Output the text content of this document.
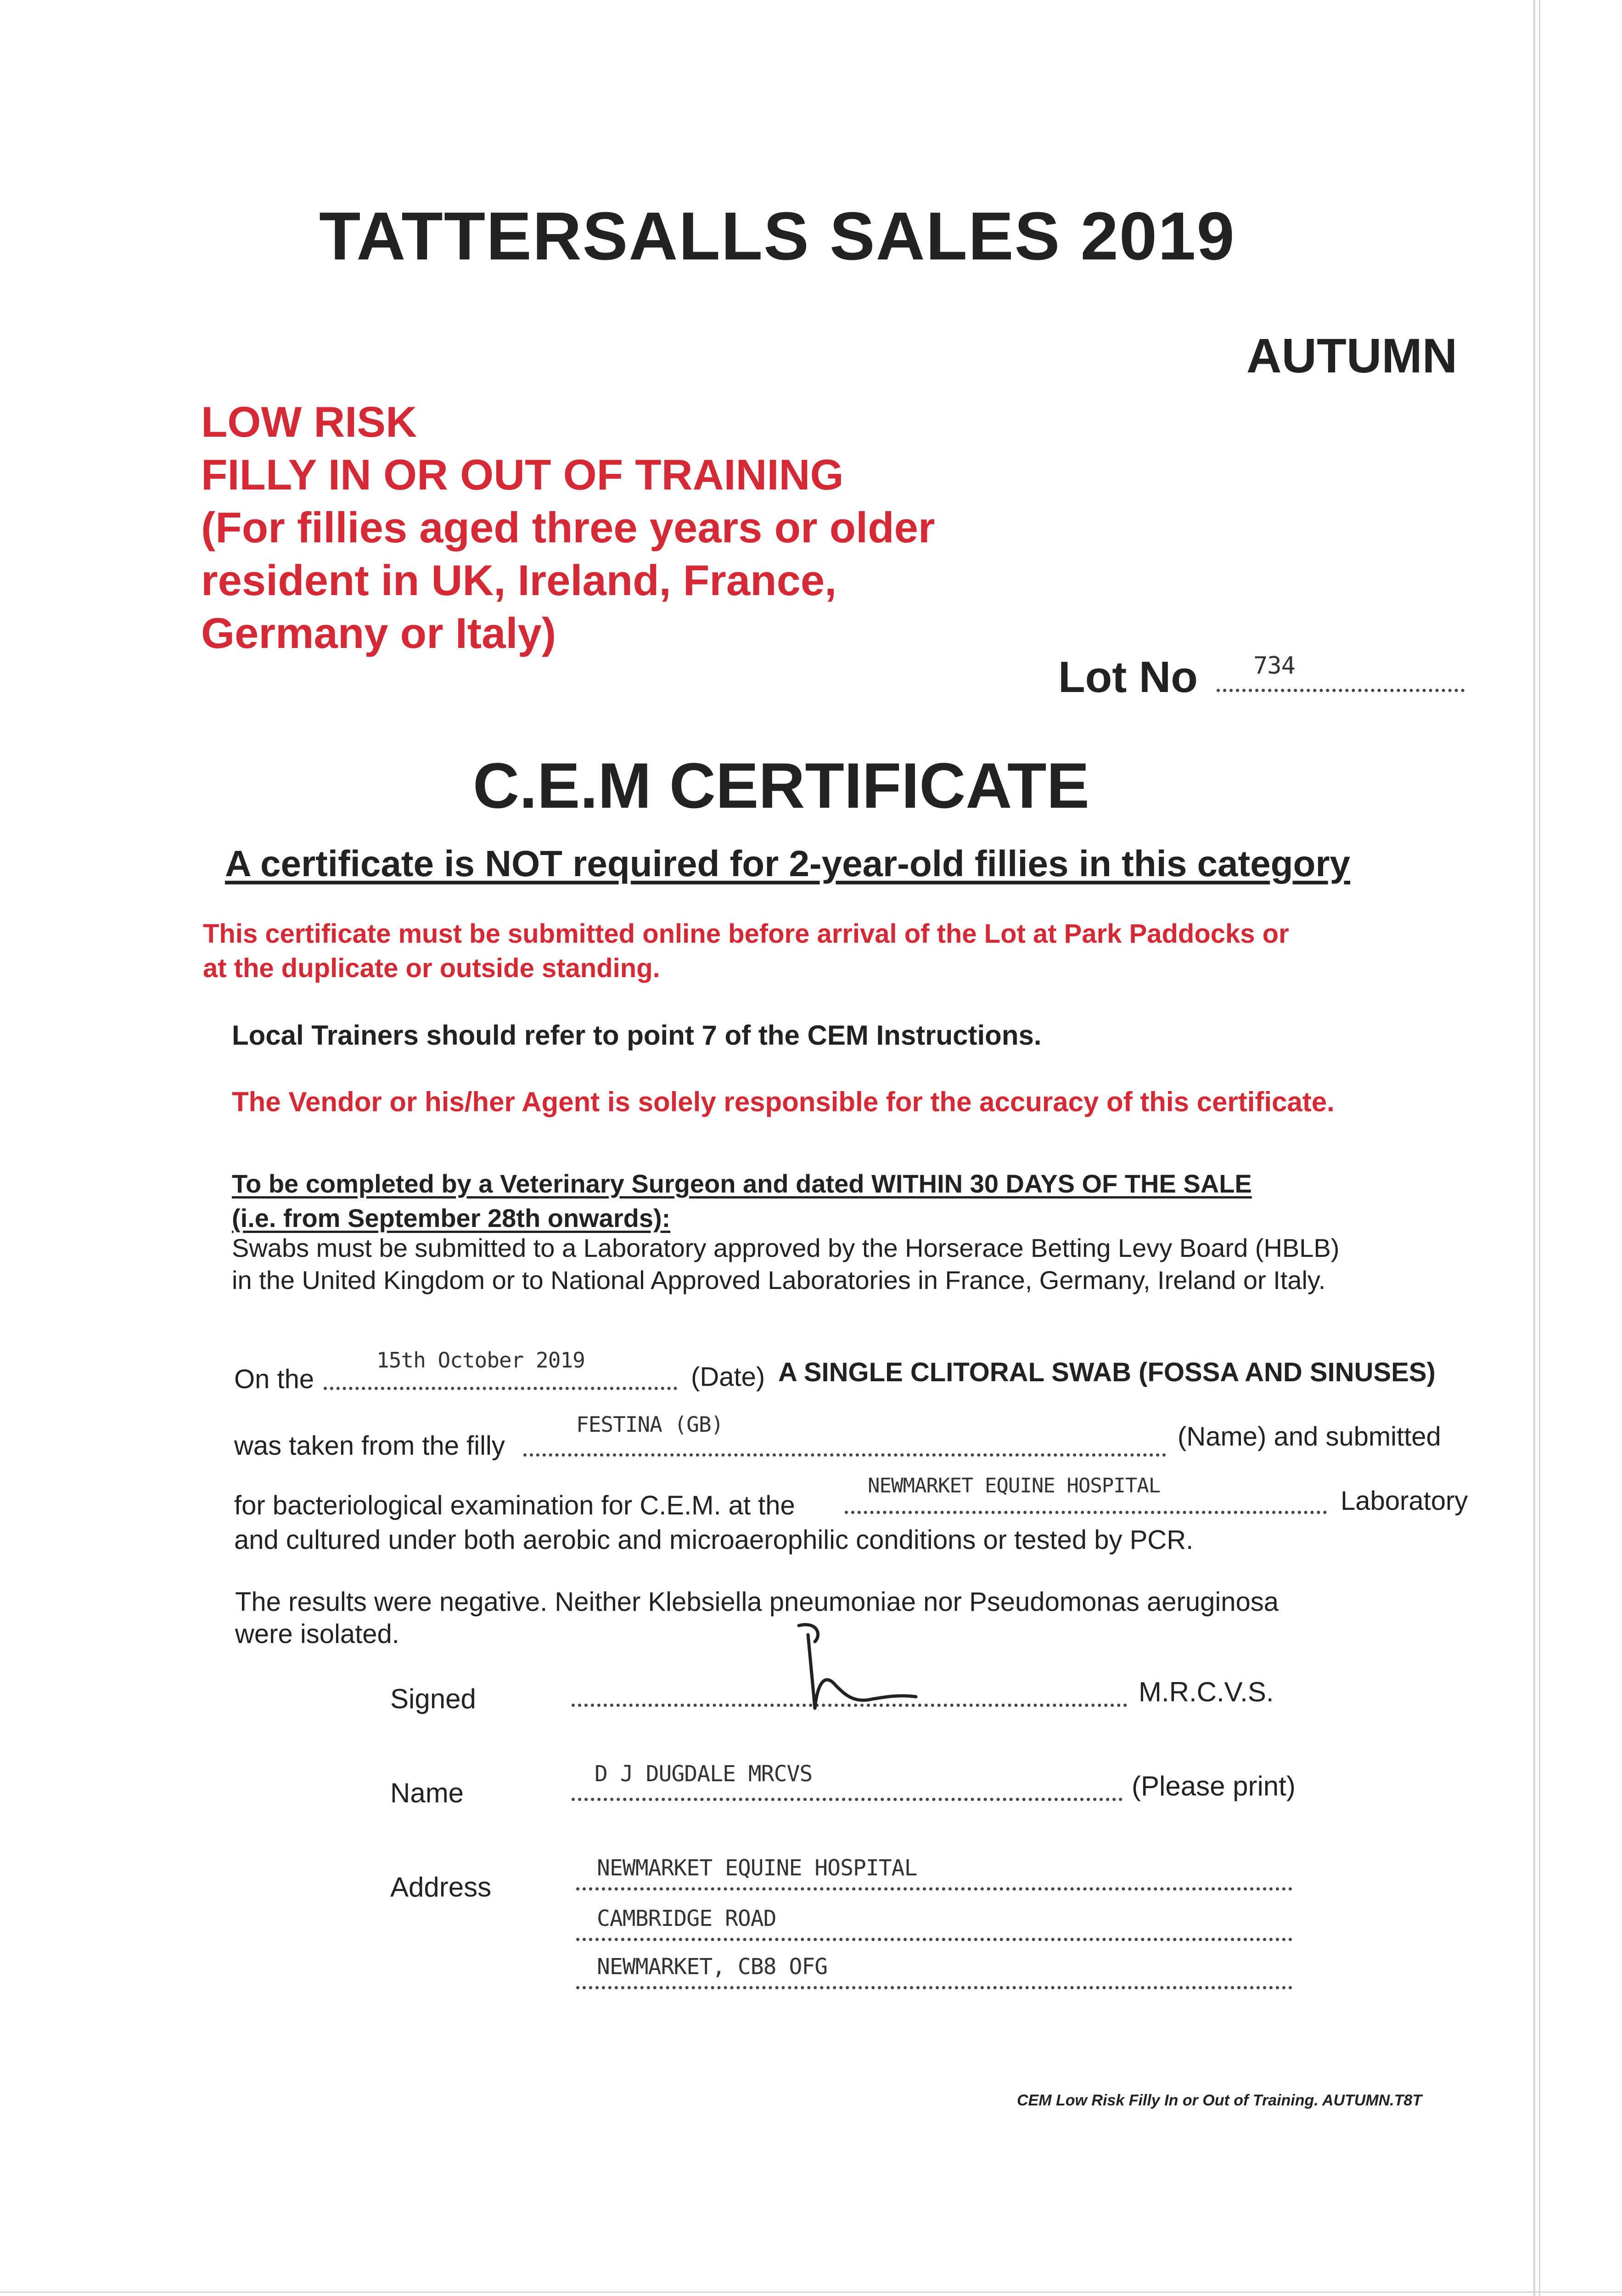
TATTERSALLS SALES 2019
AUTUMN
LOW RISK
FILLY IN OR OUT OF TRAINING
(For fillies aged three years or older
resident in UK, Ireland, France,
Germany or Italy)
Lot No 734
C.E.M CERTIFICATE
A certificate is NOT required for 2-year-old fillies in this category
This certificate must be submitted online before arrival of the Lot at Park Paddocks or
at the duplicate or outside standing.
Local Trainers should refer to point 7 of the CEM Instructions.
The Vendor or his/her Agent is solely responsible for the accuracy of this certificate.
To be completed by a Veterinary Surgeon and dated WITHIN 30 DAYS OF THE SALE
(i.e. from September 28th onwards):
Swabs must be submitted to a Laboratory approved by the Horserace Betting Levy Board (HBLB)
in the United Kingdom or to National Approved Laboratories in France, Germany, Ireland or Italy.
On the
15th October 2019
(Date) A SINGLE CLITORAL SWAB (FOSSA AND SINUSES)
was taken from the filly
FESTINA (GB)	(Name) and submitted
for bacteriological examination for C.E.M. at the
NEWMARKET EQUINE HOSPITAL
Laboratory
and cultured under both aerobic and microaerophilic conditions or tested by PCR.
The results were negative. Neither Klebsiella pneumoniae nor Pseudomonas aeruginosa
were isolated.
Signed	M.R.C.V.S.
Name
D J DUGDALE MRCVS	(Please print)
Address
NEWMARKET EQUINE HOSPITAL
CAMBRIDGE ROAD
NEWMARKET, CB8 OFG
CEM Low Risk Filly In or Out of Training. AUTUMN.T8T
